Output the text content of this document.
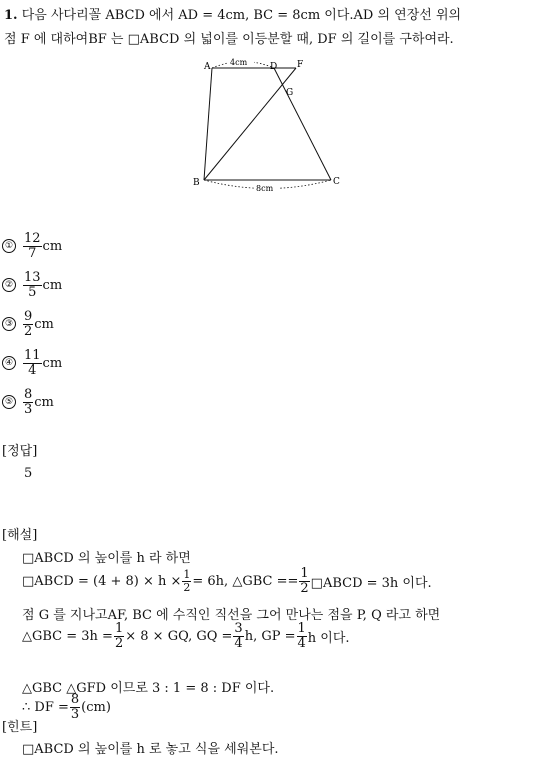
1. 다음 사다리꼴 ABCD 에서 AD = 4cm, BC = 8cm 이다.AD 의 연장선 위의
점 F 에 대하여BF 는 □ABCD 의 넓이를 이등분할 때, DF 의 길이를 구하여라.
A	D F
G
B	C
4cm
8cm
① $\frac{12}{7}$ cm
② $\frac{13}{5}$ cm
③ $\frac{9}{2}$ cm
④ $\frac{11}{4}$ cm
⑤ $\frac{8}{3}$ cm
[정답]
5
[해설]
□ABCD 의 높이를 h 라 하면
□ABCD = $(4 + 8) \times h \times \frac{1}{2} = 6h$, △GBC == $\frac{1}{2}$ □ABCD = 3h 이다.
점 G 를 지나고AF, BC 에 수직인 직선을 그어 만나는 점을 P, Q 라고 하면
△GBC = $3h = \frac{1}{2} \times 8$ × GQ, GQ = $\frac{3}{4} h$, GP = $\frac{1}{4}$ h 이다.
△GBC △GFD 이므로 3 : 1 = 8 : DF 이다.
∴ DF = $\frac{8}{3} (cm)$
[힌트]
□ABCD 의 높이를 h 로 놓고 식을 세워본다.
